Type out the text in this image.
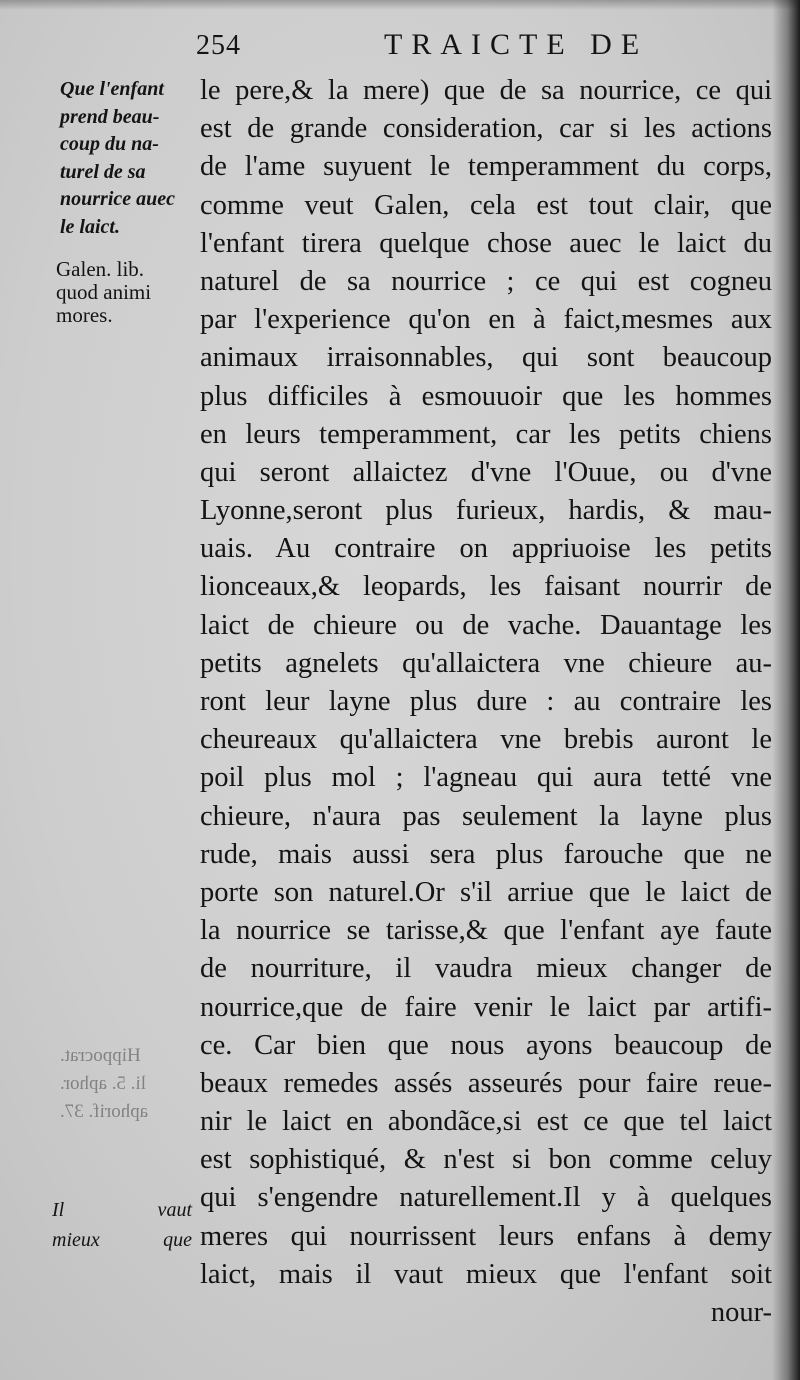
254	TRAICTE DE
Que l'enfant
prend beau-
coup du na-
turel de sa
nourrice auec
le laict.
Galen. lib.
quod animi
mores.
Hippocrat.
li. 5. aphor.
aphorif. 37.
Il vaut
mieux que
le pere,& la mere) que de sa nourrice, ce qui
est de grande consideration, car si les actions
de l'ame suyuent le temperamment du corps,
comme veut Galen, cela est tout clair, que
l'enfant tirera quelque chose auec le laict du
naturel de sa nourrice ; ce qui est cogneu
par l'experience qu'on en à faict,mesmes aux
animaux irraisonnables, qui sont beaucoup
plus difficiles à esmouuoir que les hommes
en leurs temperamment, car les petits chiens
qui seront allaictez d'vne l'Ouue, ou d'vne
Lyonne,seront plus furieux, hardis, & mau-
uais. Au contraire on appriuoise les petits
lionceaux,& leopards, les faisant nourrir de
laict de chieure ou de vache. Dauantage les
petits agnelets qu'allaictera vne chieure au-
ront leur layne plus dure : au contraire les
cheureaux qu'allaictera vne brebis auront le
poil plus mol ; l'agneau qui aura tetté vne
chieure, n'aura pas seulement la layne plus
rude, mais aussi sera plus farouche que ne
porte son naturel.Or s'il arriue que le laict de
la nourrice se tarisse,& que l'enfant aye faute
de nourriture, il vaudra mieux changer de
nourrice,que de faire venir le laict par artifi-
ce. Car bien que nous ayons beaucoup de
beaux remedes assés asseurés pour faire reue-
nir le laict en abondãce,si est ce que tel laict
est sophistiqué, & n'est si bon comme celuy
qui s'engendre naturellement.Il y à quelques
meres qui nourrissent leurs enfans à demy
laict, mais il vaut mieux que l'enfant soit
nour-
